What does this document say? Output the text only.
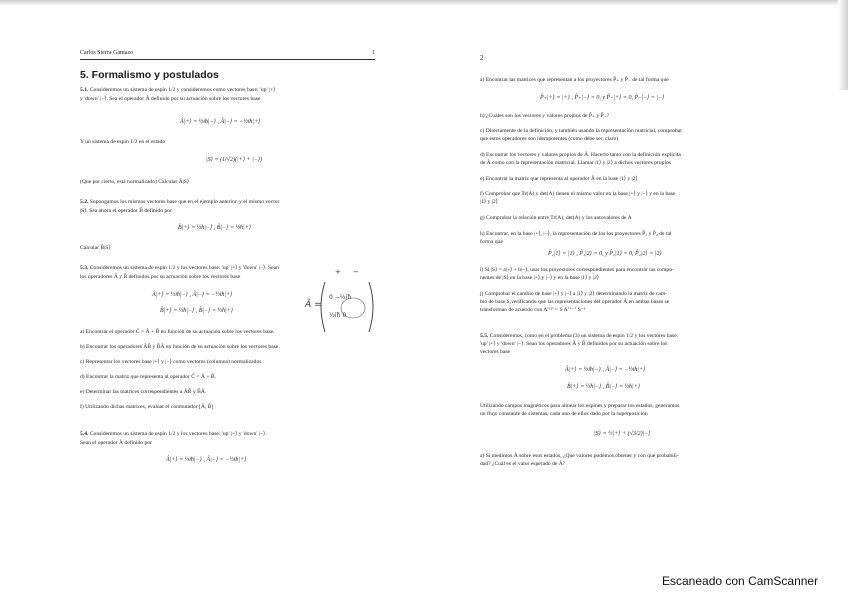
Carlos Sierra Gamazo	1
5. Formalismo y postulados
5.1. Consideremos un sistema de espín 1/2 y consideremos como vectores base: 'up' |+⟩
y 'down' |−⟩. Sea el operador Â definido por su actuación sobre los vectores base
Â|+⟩ = ½iħ|−⟩ , Â|−⟩ = −½iħ|+⟩
Y un sistema de espín 1/2 en el estado
|S⟩ = (1/√2)(|+⟩ + |−⟩)
(Que por cierto, está normalizado) Calcular Â|S⟩
5.2. Supongamos los mismos vectores base que en el ejemplo anterior, y el mismo vector
|S⟩. Sea ahora el operador B̂ definido por
B̂|+⟩ = ½ħ|−⟩ , B̂|−⟩ = ½ħ|+⟩
Calcular B̂|S⟩
5.3. Consideremos un sistema de espín 1/2 y los vectores base: 'up' |+⟩ y 'down' |−⟩. Sean
los operadores Â y B̂ definidos por su actuación sobre los vectores base
Â|+⟩ = ½iħ|−⟩ , Â|−⟩ = −½iħ|+⟩
B̂|+⟩ = ½ħ|−⟩ , B̂|−⟩ = ½ħ|+⟩
a) Encontrar el operador Ĉ = Â + B̂ en función de su actuación sobre los vectores base.
b) Encontrar los operadores ÂB̂ y B̂Â en función de su actuación sobre los vectores base.
c) Representar los vectores base |+⟩ y |−⟩ como vectores (columna) normalizados
d) Encontrar la matriz que representa al operador Ĉ = Â + B̂.
e) Determinar las matrices correspondientes a ÂB̂ y B̂Â.
f) Utilizando dichas matrices, evaluar el conmutador [Â, B̂]
5.4. Consideremos un sistema de espín 1/2 y los vectores base: 'up' |+⟩ y 'down' |−⟩.
Sean el operador Â definido por
Â|+⟩ = ½iħ|−⟩ , Â|−⟩ = −½iħ|+⟩
Â =
0 −½iħ
½iħ 0
+ −
2
a) Encontrar las matrices que representan a los proyectores P̂₊ y P̂₋ de tal forma que
P̂₊|+⟩ = |+⟩ , P̂₊|−⟩ = 0, y P̂₋|+⟩ = 0, P̂₋|−⟩ = |−⟩
b) ¿Cuáles son los vectores y valores propios de P̂₊ y P̂₋?
c) Directamente de la definición, y también usando la representación matricial, comprobar
que estos operadores son idempotentes (como debe ser, claro)
d) Encontrar los vectores y valores propios de Â. Hacerlo tanto con la definición explícita
de Â como con la representación matricial. Llamar |1⟩ y |2⟩ a dichos vectores propios
e) Encontrar la matriz que representa al operador Â en la base |1⟩ y |2⟩
f) Comprobar que Tr(A) y det(A) tienen el mismo valor en la base |+⟩ y |−⟩ y en la base
|1⟩ y |2⟩
g) Comprobar la relación entre Tr(A), det(A) y los autovalores de A
h) Encontrar, en la base |+⟩, |−⟩, la representación de los los proyectores P̂₁ y P̂₂ de tal
forma que
P̂₁|1⟩ = |1⟩ , P̂₁|2⟩ = 0, y P̂₂|1⟩ = 0, P̂₂|2⟩ = |2⟩
i) Si |S⟩ = a|+⟩ + b|−⟩, usar los proyectores correspondientes para encontrar las compo-
nentes de |S⟩ en la base |+⟩ y |−⟩ y en la base |1⟩ y |2⟩
j) Comprobar el cambio de base |+⟩ y |−⟩ a |1⟩ y |2⟩ determinando la matriz de cam-
bio de base S,verificando que las representaciones del operador Â en ambas bases se
transforman de acuerdo con A⁽¹²⁾ = S A⁽⁺⁻⁾ S⁻¹
5.5. Consideremos, como en el problema (3) un sistema de espín 1/2 y los vectores base:
'up' |+⟩ y 'down' |−⟩. Sean los operadores Â y B̂ definidos por su actuación sobre los
vectores base
Â|+⟩ = ½iħ|−⟩ , Â|−⟩ = −½iħ|+⟩
B̂|+⟩ = ½ħ|−⟩ , B̂|−⟩ = ½ħ|+⟩
Utilizando campos magnéticos para alinear los espines y preparar los estados, generamos
un flujo constante de sistemas, cada uno de ellos dado por la superposición
|S⟩ = ½|+⟩ + (√3/2)|−⟩
a) Si medimos Â sobre esos estados, ¿Que valores podemos obtener y con qué probabili-
dad? ¿Cuál es el valor esperado de Â?
Escaneado con CamScanner
